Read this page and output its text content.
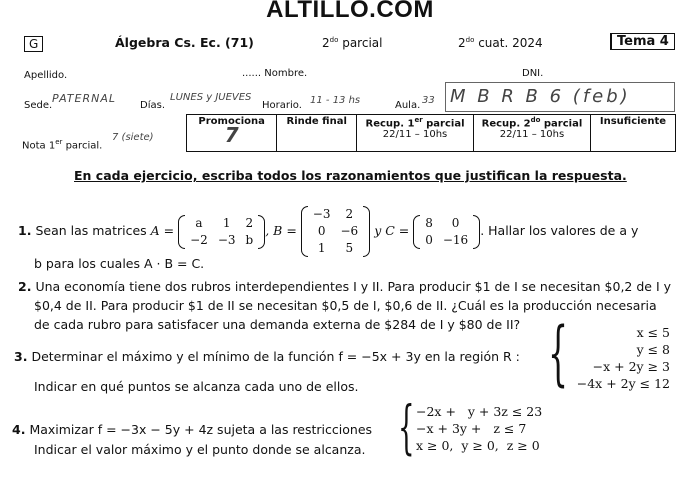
ALTILLO.COM
G	Álgebra Cs. Ec. (71)	$2^{do}$ parcial	$2^{do}$ cuat. 2024	Tema 4
Apellido.	...... Nombre.	DNI.
Sede.
PATERNAL
Días.
LUNES y JUEVES
Horario. 11 - 13 hs	Aula. 33 M B R B 6 (feb)
Nota 1er parcial.
7 (siete)
Promociona
7

Rinde final	Recup. 1er parcial
22/11 – 10hs

Recup. $2^{do}$ parcial
22/11 – 10hs

Insuficiente
En cada ejercicio, escriba todos los razonamientos que justifican la respuesta.
1. Sean las matrices A =
a	1	2
−2	−3	b
, B =
−3	2
0	−6
1	5
y C =
8	0
0	−16
. Hallar los valores de a y
b para los cuales A · B = C.
2. Una economía tiene dos rubros interdependientes I y II. Para producir $1 de I se necesitan $0,2 de I y
$0,4 de II. Para producir $1 de II se necesitan $0,5 de I, $0,6 de II. ¿Cuál es la producción necesaria
de cada rubro para satisfacer una demanda externa de $284 de I y $80 de II?
3. Determinar el máximo y el mínimo de la función f = −5x + 3y en la región R :
Indicar en qué puntos se alcanza cada uno de ellos.	{	x ≤ 5
y ≤ 8
−x + 2y ≥ 3
−4x + 2y ≤ 12
4. Maximizar f = −3x − 5y + 4z sujeta a las restricciones
Indicar el valor máximo y el punto donde se alcanza. { −2x +   y + 3z ≤ 23
−x + 3y +   z ≤ 7
x ≥ 0,  y ≥ 0,  z ≥ 0
